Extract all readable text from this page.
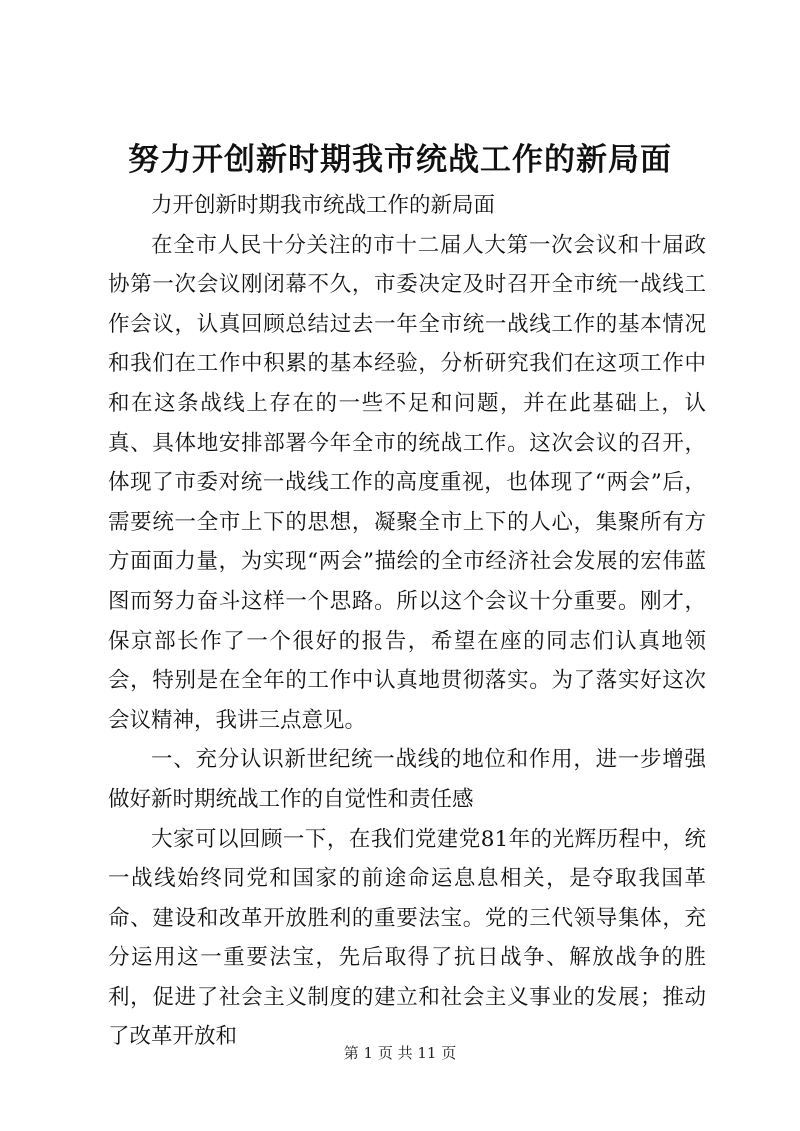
努力开创新时期我市统战工作的新局面

力开创新时期我市统战工作的新局面

在全市人民十分关注的市十二届人大第一次会议和十届政协第一次会议刚闭幕不久，市委决定及时召开全市统一战线工作会议，认真回顾总结过去一年全市统一战线工作的基本情况和我们在工作中积累的基本经验，分析研究我们在这项工作中和在这条战线上存在的一些不足和问题，并在此基础上，认真、具体地安排部署今年全市的统战工作。这次会议的召开，体现了市委对统一战线工作的高度重视，也体现了“两会”后，需要统一全市上下的思想，凝聚全市上下的人心，集聚所有方方面面力量，为实现“两会”描绘的全市经济社会发展的宏伟蓝图而努力奋斗这样一个思路。所以这个会议十分重要。刚才，保京部长作了一个很好的报告，希望在座的同志们认真地领会，特别是在全年的工作中认真地贯彻落实。为了落实好这次会议精神，我讲三点意见。

一、充分认识新世纪统一战线的地位和作用，进一步增强做好新时期统战工作的自觉性和责任感

大家可以回顾一下，在我们党建党81年的光辉历程中，统一战线始终同党和国家的前途命运息息相关，是夺取我国革命、建设和改革开放胜利的重要法宝。党的三代领导集体，充分运用这一重要法宝，先后取得了抗日战争、解放战争的胜利，促进了社会主义制度的建立和社会主义事业的发展；推动了改革开放和

第 1 页 共 11 页
